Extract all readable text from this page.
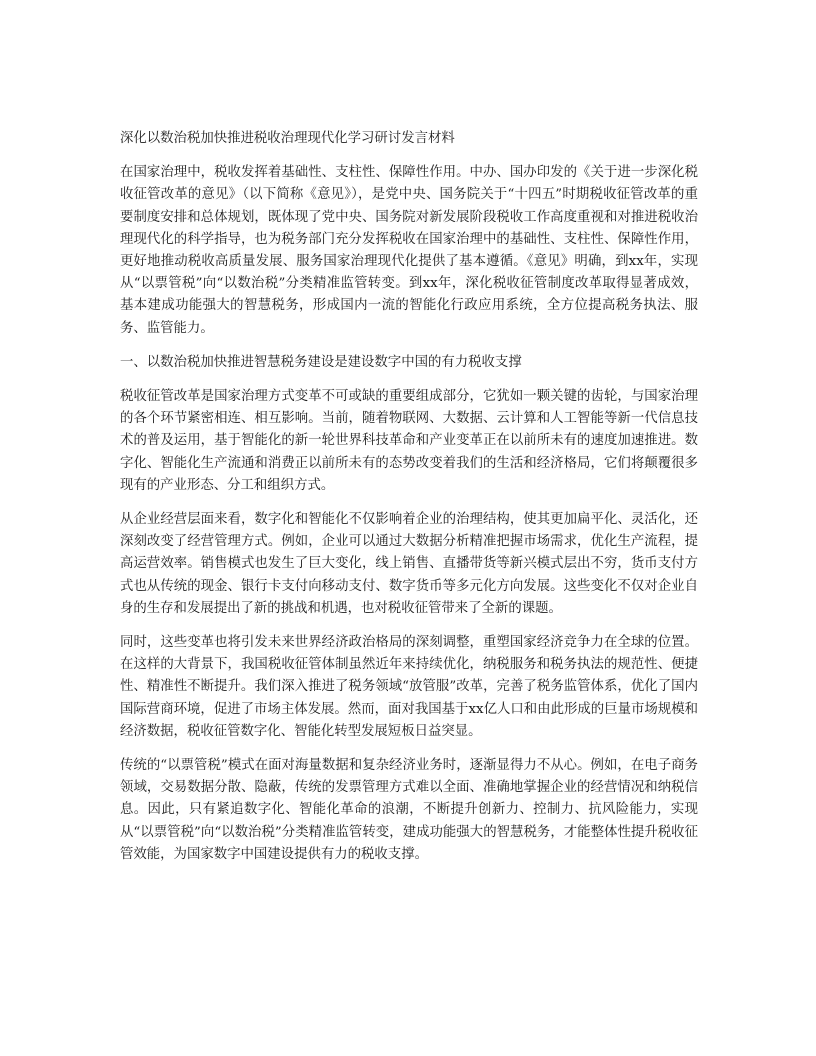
深化以数治税加快推进税收治理现代化学习研讨发言材料

在国家治理中，税收发挥着基础性、支柱性、保障性作用。中办、国办印发的《关于进一步深化税收征管改革的意见》（以下简称《意见》），是党中央、国务院关于“十四五”时期税收征管改革的重要制度安排和总体规划，既体现了党中央、国务院对新发展阶段税收工作高度重视和对推进税收治理现代化的科学指导，也为税务部门充分发挥税收在国家治理中的基础性、支柱性、保障性作用，更好地推动税收高质量发展、服务国家治理现代化提供了基本遵循。《意见》明确，到xx年，实现从“以票管税”向“以数治税”分类精准监管转变。到xx年，深化税收征管制度改革取得显著成效，基本建成功能强大的智慧税务，形成国内一流的智能化行政应用系统，全方位提高税务执法、服务、监管能力。

一、以数治税加快推进智慧税务建设是建设数字中国的有力税收支撑

税收征管改革是国家治理方式变革不可或缺的重要组成部分，它犹如一颗关键的齿轮，与国家治理的各个环节紧密相连、相互影响。当前，随着物联网、大数据、云计算和人工智能等新一代信息技术的普及运用，基于智能化的新一轮世界科技革命和产业变革正在以前所未有的速度加速推进。数字化、智能化生产流通和消费正以前所未有的态势改变着我们的生活和经济格局，它们将颠覆很多现有的产业形态、分工和组织方式。

从企业经营层面来看，数字化和智能化不仅影响着企业的治理结构，使其更加扁平化、灵活化，还深刻改变了经营管理方式。例如，企业可以通过大数据分析精准把握市场需求，优化生产流程，提高运营效率。销售模式也发生了巨大变化，线上销售、直播带货等新兴模式层出不穷，货币支付方式也从传统的现金、银行卡支付向移动支付、数字货币等多元化方向发展。这些变化不仅对企业自身的生存和发展提出了新的挑战和机遇，也对税收征管带来了全新的课题。

同时，这些变革也将引发未来世界经济政治格局的深刻调整，重塑国家经济竞争力在全球的位置。在这样的大背景下，我国税收征管体制虽然近年来持续优化，纳税服务和税务执法的规范性、便捷性、精准性不断提升。我们深入推进了税务领域“放管服”改革，完善了税务监管体系，优化了国内国际营商环境，促进了市场主体发展。然而，面对我国基于xx亿人口和由此形成的巨量市场规模和经济数据，税收征管数字化、智能化转型发展短板日益突显。

传统的“以票管税”模式在面对海量数据和复杂经济业务时，逐渐显得力不从心。例如，在电子商务领域，交易数据分散、隐蔽，传统的发票管理方式难以全面、准确地掌握企业的经营情况和纳税信息。因此，只有紧追数字化、智能化革命的浪潮，不断提升创新力、控制力、抗风险能力，实现从“以票管税”向“以数治税”分类精准监管转变，建成功能强大的智慧税务，才能整体性提升税收征管效能，为国家数字中国建设提供有力的税收支撑。
